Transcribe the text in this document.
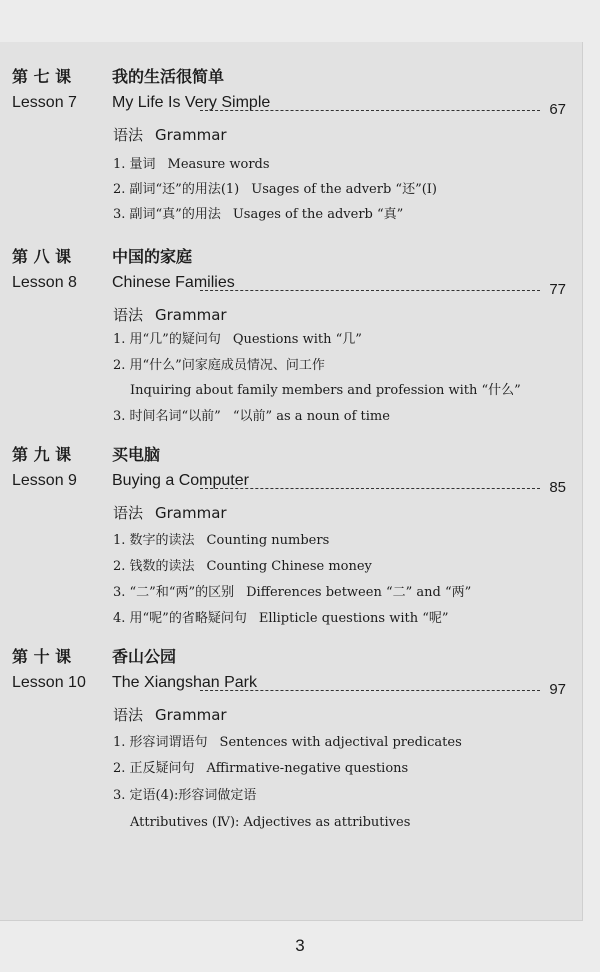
第 七 课	我的生活很简单
Lesson 7 My Life Is Very Simple	67
语法 Grammar
1. 量词 Measure words
2. 副词“还”的用法(1) Usages of the adverb “还”(I)
3. 副词“真”的用法 Usages of the adverb “真”
第 八 课	中国的家庭
Lesson 8 Chinese Families	77
语法 Grammar
1. 用“几”的疑问句 Questions with “几”
2. 用“什么”问家庭成员情况、问工作
Inquiring about family members and profession with “什么”
3. 时间名词“以前” “以前” as a noun of time
第 九 课	买电脑
Lesson 9 Buying a Computer	85
语法 Grammar
1. 数字的读法 Counting numbers
2. 钱数的读法 Counting Chinese money
3. “二”和“两”的区别 Differences between “二” and “两”
4. 用“呢”的省略疑问句 Ellipticle questions with “呢”
第 十 课	香山公园
Lesson 10 The Xiangshan Park	97
语法 Grammar
1. 形容词谓语句 Sentences with adjectival predicates
2. 正反疑问句 Affirmative-negative questions
3. 定语(4):形容词做定语
Attributives (Ⅳ): Adjectives as attributives
3
